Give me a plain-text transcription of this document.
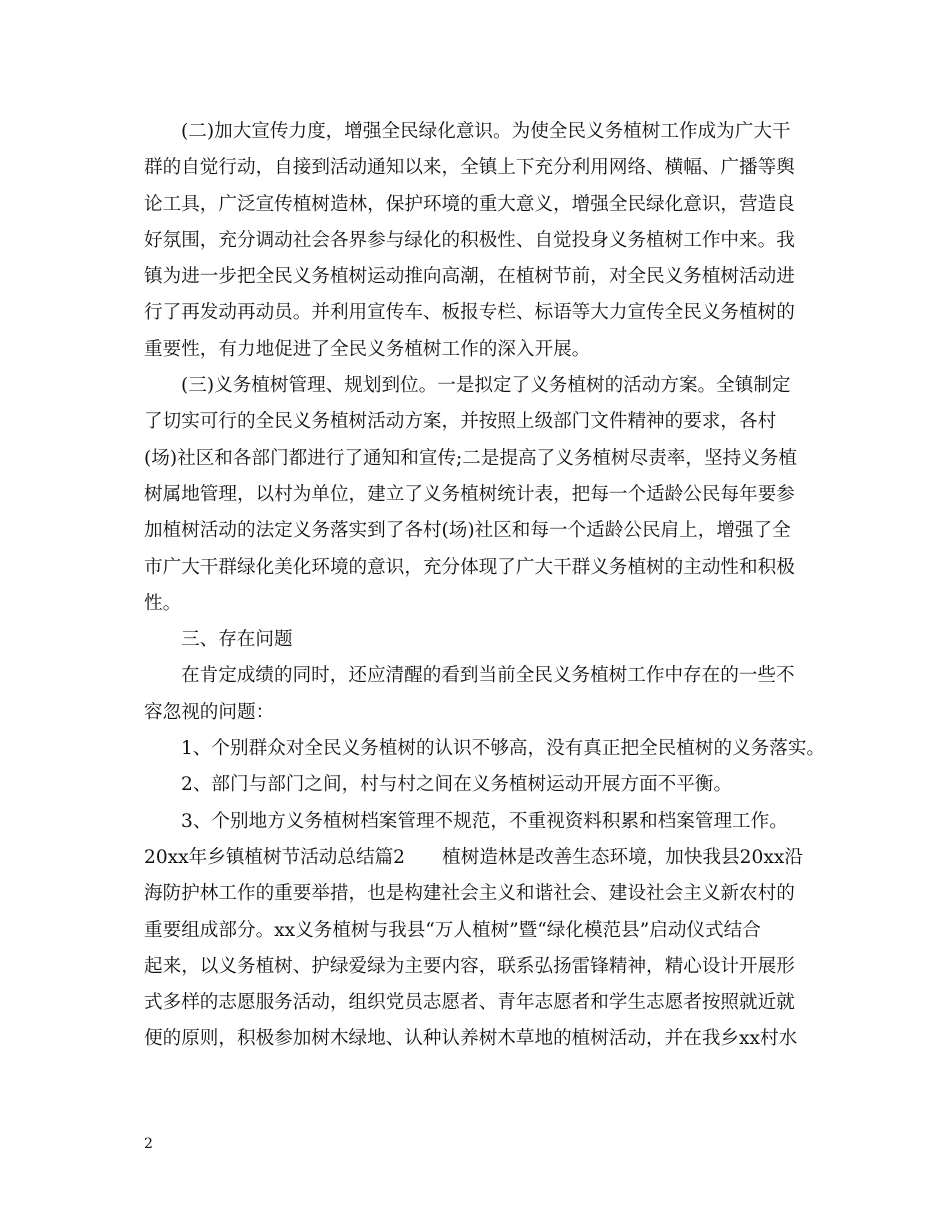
(二)加大宣传力度，增强全民绿化意识。为使全民义务植树工作成为广大干
群的自觉行动，自接到活动通知以来，全镇上下充分利用网络、横幅、广播等舆
论工具，广泛宣传植树造林，保护环境的重大意义，增强全民绿化意识，营造良
好氛围，充分调动社会各界参与绿化的积极性、自觉投身义务植树工作中来。我
镇为进一步把全民义务植树运动推向高潮，在植树节前，对全民义务植树活动进
行了再发动再动员。并利用宣传车、板报专栏、标语等大力宣传全民义务植树的
重要性，有力地促进了全民义务植树工作的深入开展。
(三)义务植树管理、规划到位。一是拟定了义务植树的活动方案。全镇制定
了切实可行的全民义务植树活动方案，并按照上级部门文件精神的要求，各村
(场)社区和各部门都进行了通知和宣传;二是提高了义务植树尽责率，坚持义务植
树属地管理，以村为单位，建立了义务植树统计表，把每一个适龄公民每年要参
加植树活动的法定义务落实到了各村(场)社区和每一个适龄公民肩上，增强了全
市广大干群绿化美化环境的意识，充分体现了广大干群义务植树的主动性和积极
性。
三、存在问题
在肯定成绩的同时，还应清醒的看到当前全民义务植树工作中存在的一些不
容忽视的问题：
1、个别群众对全民义务植树的认识不够高，没有真正把全民植树的义务落实。
2、部门与部门之间，村与村之间在义务植树运动开展方面不平衡。
3、个别地方义务植树档案管理不规范，不重视资料积累和档案管理工作。
20xx年乡镇植树节活动总结篇2　　植树造林是改善生态环境，加快我县20xx沿
海防护林工作的重要举措，也是构建社会主义和谐社会、建设社会主义新农村的
重要组成部分。xx义务植树与我县“万人植树”暨“绿化模范县”启动仪式结合
起来，以义务植树、护绿爱绿为主要内容，联系弘扬雷锋精神，精心设计开展形
式多样的志愿服务活动，组织党员志愿者、青年志愿者和学生志愿者按照就近就
便的原则，积极参加树木绿地、认种认养树木草地的植树活动，并在我乡xx村水
2
